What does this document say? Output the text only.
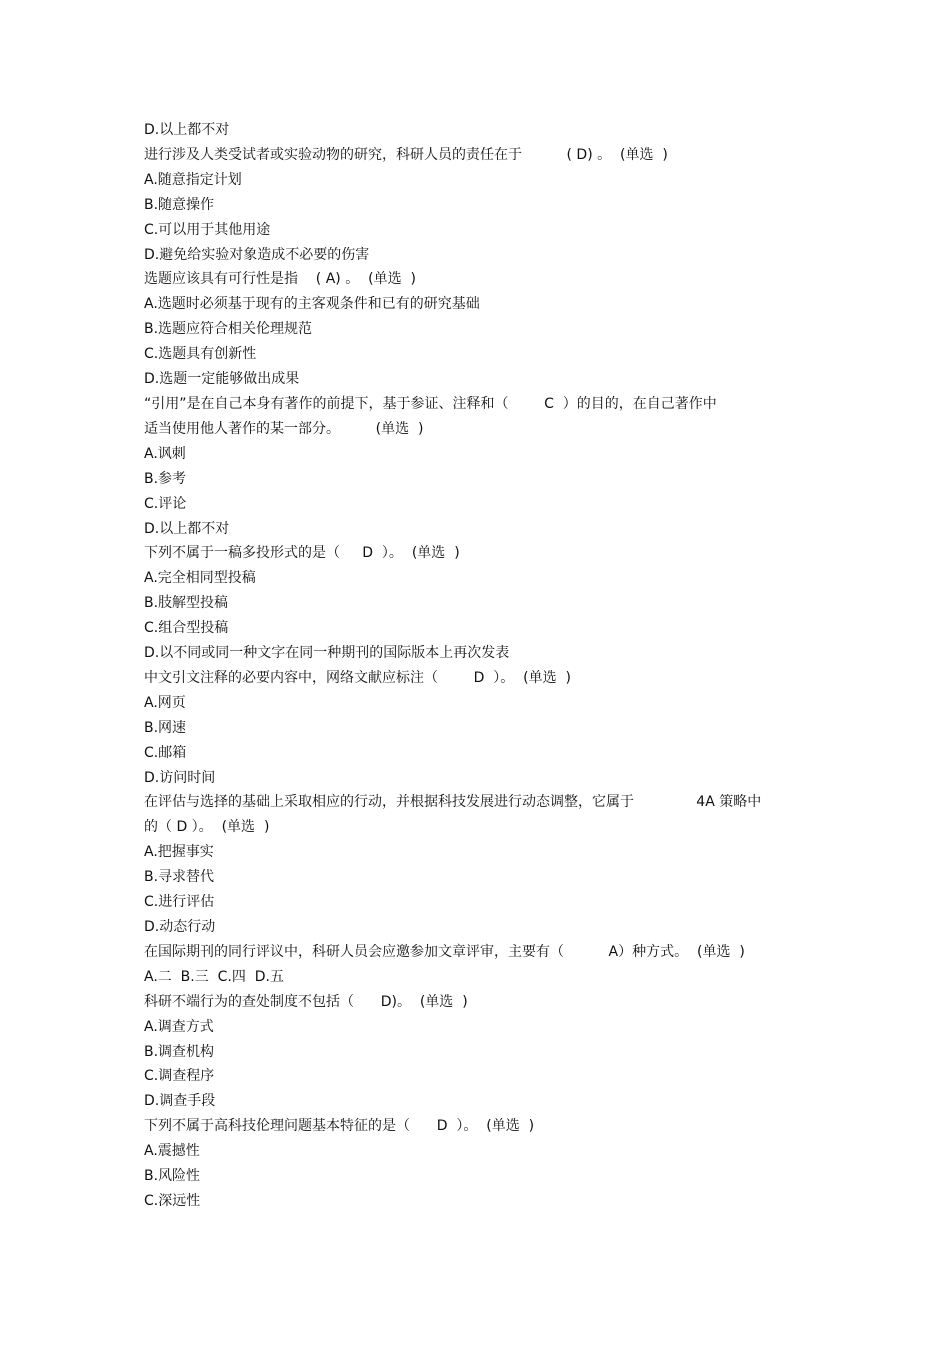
D.以上都不对

进行涉及人类受试者或实验动物的研究，科研人员的责任在于          ( D) 。  (单选  )

A.随意指定计划

B.随意操作

C.可以用于其他用途

D.避免给实验对象造成不必要的伤害

选题应该具有可行性是指    ( A) 。  (单选  )

A.选题时必须基于现有的主客观条件和已有的研究基础

B.选题应符合相关伦理规范

C.选题具有创新性

D.选题一定能够做出成果

“引用”是在自己本身有著作的前提下，基于参证、注释和（        C  ）的目的，在自己著作中

适当使用他人著作的某一部分。        (单选  )

A.讽刺

B.参考

C.评论

D.以上都不对

下列不属于一稿多投形式的是（     D  ）。  (单选  )

A.完全相同型投稿

B.肢解型投稿

C.组合型投稿

D.以不同或同一种文字在同一种期刊的国际版本上再次发表

中文引文注释的必要内容中，网络文献应标注（        D  ）。  (单选  )

A.网页

B.网速

C.邮箱

D.访问时间

在评估与选择的基础上采取相应的行动，并根据科技发展进行动态调整，它属于              4A 策略中

的（ D ）。  (单选  )

A.把握事实

B.寻求替代

C.进行评估

D.动态行动

在国际期刊的同行评议中，科研人员会应邀参加文章评审，主要有（          A）种方式。  (单选  )

A.二  B.三  C.四  D.五

科研不端行为的查处制度不包括（      D)。  (单选  )

A.调查方式

B.调查机构

C.调查程序

D.调查手段

下列不属于高科技伦理问题基本特征的是（      D  ）。  (单选  )

A.震撼性

B.风险性

C.深远性
